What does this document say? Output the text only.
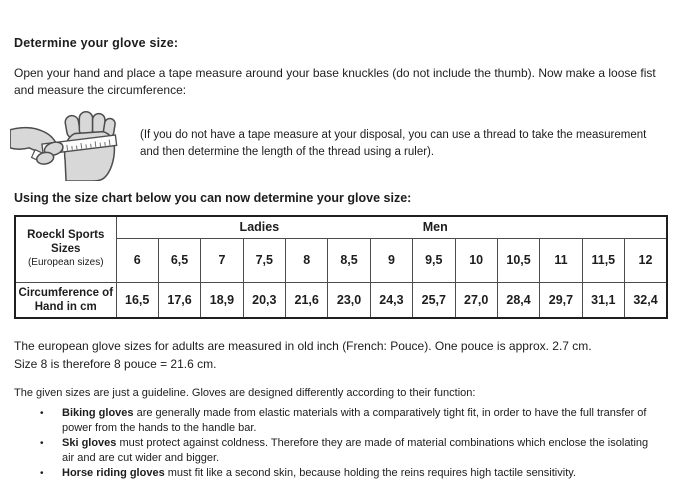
Determine your glove size:
Open your hand and place a tape measure around your base knuckles (do not include the thumb). Now make a loose fist and measure the circumference:
(If you do not have a tape measure at your disposal, you can use a thread to take the measurement and then determine the length of the thread using a ruler).
Using the size chart below you can now determine your glove size:
Roeckl Sports
Sizes
(European sizes)

Ladies	Men

	6	6,5	7	7,5	8	8,5	9	9,5	10	10,5	11	11,5	12

Circumference of
Hand in cm	16,5	17,6	18,9	20,3	21,6	23,0	24,3	25,7	27,0	28,4	29,7	31,1	32,4
The european glove sizes for adults are measured in old inch (French: Pouce). One pouce is approx. 2.7 cm.
Size 8 is therefore 8 pouce = 21.6 cm.
The given sizes are just a guideline. Gloves are designed differently according to their function:
•	Biking gloves are generally made from elastic materials with a comparatively tight fit, in order to have the full transfer of power from the hands to the handle bar.
•	Ski gloves must protect against coldness. Therefore they are made of material combinations which enclose the isolating air and are cut wider and bigger.
•	Horse riding gloves must fit like a second skin, because holding the reins requires high tactile sensitivity.
